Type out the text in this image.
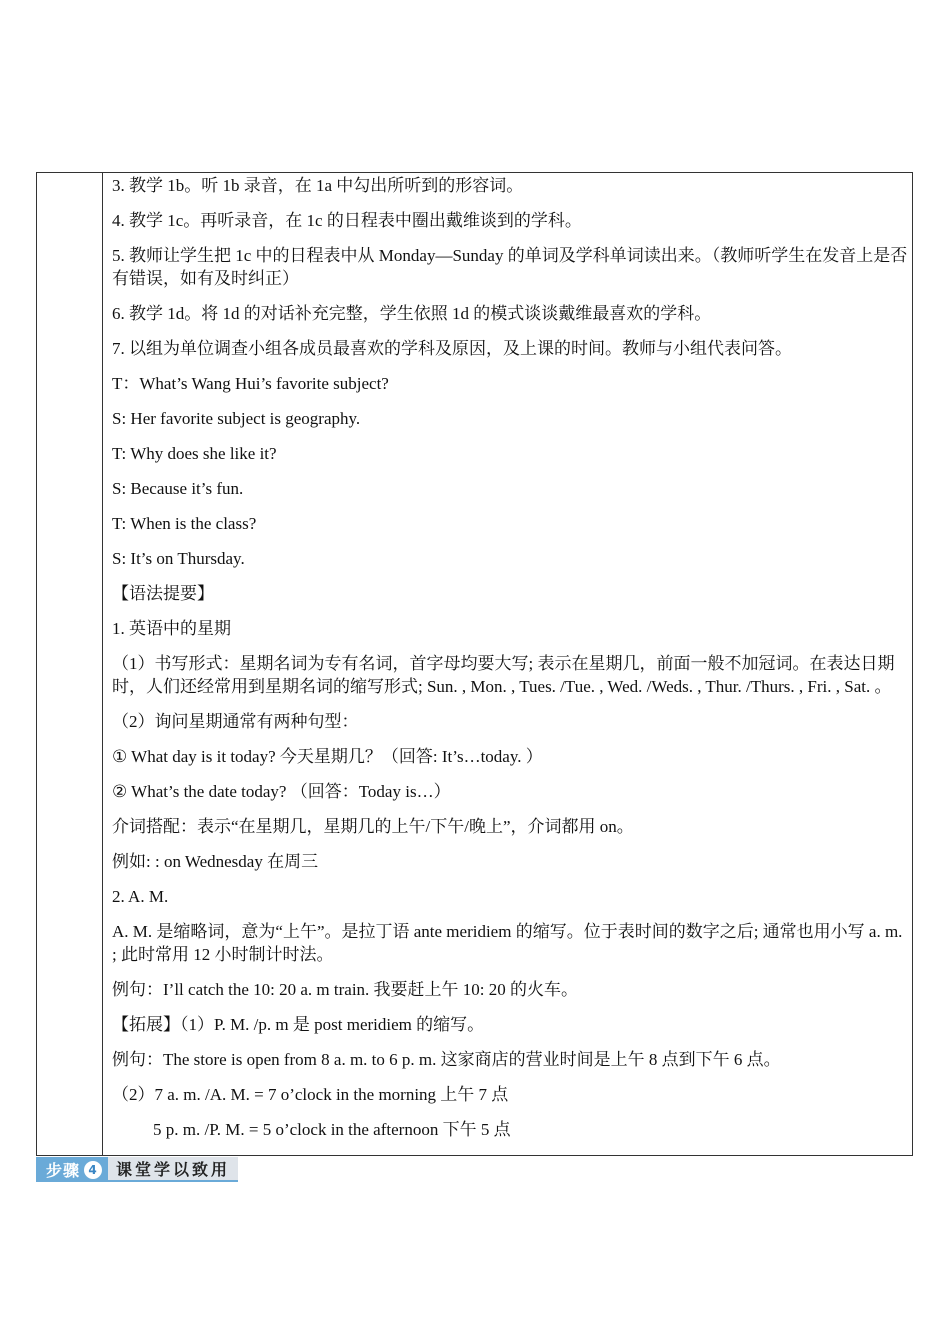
3. 教学 1b。听 1b 录音，在 1a 中勾出所听到的形容词。

4. 教学 1c。再听录音，在 1c 的日程表中圈出戴维谈到的学科。

5. 教师让学生把 1c 中的日程表中从 Monday—Sunday 的单词及学科单词读出来。（教师听学生在发音上是否有错误，如有及时纠正）

6. 教学 1d。将 1d 的对话补充完整，学生依照 1d 的模式谈谈戴维最喜欢的学科。

7. 以组为单位调查小组各成员最喜欢的学科及原因，及上课的时间。教师与小组代表问答。

T：What’s Wang Hui’s favorite subject?

S: Her favorite subject is geography.

T: Why does she like it?

S: Because it’s fun.

T: When is the class?

S: It’s on Thursday.

【语法提要】

1. 英语中的星期

（1）书写形式：星期名词为专有名词，首字母均要大写; 表示在星期几，前面一般不加冠词。在表达日期时，人们还经常用到星期名词的缩写形式; Sun. , Mon. , Tues. /Tue. , Wed. /Weds. , Thur. /Thurs. , Fri. , Sat. 。

（2）询问星期通常有两种句型：

① What day is it today? 今天星期几？（回答: It’s…today. ）

② What’s the date today? （回答：Today is…）

介词搭配：表示“在星期几，星期几的上午/下午/晚上”，介词都用 on。

例如: : on Wednesday 在周三

2. A. M.

A. M. 是缩略词，意为“上午”。是拉丁语 ante meridiem 的缩写。位于表时间的数字之后; 通常也用小写 a. m. ; 此时常用 12 小时制计时法。

例句：I’ll catch the 10: 20 a. m train. 我要赶上午 10: 20 的火车。

【拓展】（1）P. M. /p. m 是 post meridiem 的缩写。

例句：The store is open from 8 a. m. to 6 p. m. 这家商店的营业时间是上午 8 点到下午 6 点。

（2）7 a. m. /A. M. = 7 o’clock in the morning 上午 7 点

5 p. m. /P. M. = 5 o’clock in the afternoon 下午 5 点

步骤 4	课堂学以致用
